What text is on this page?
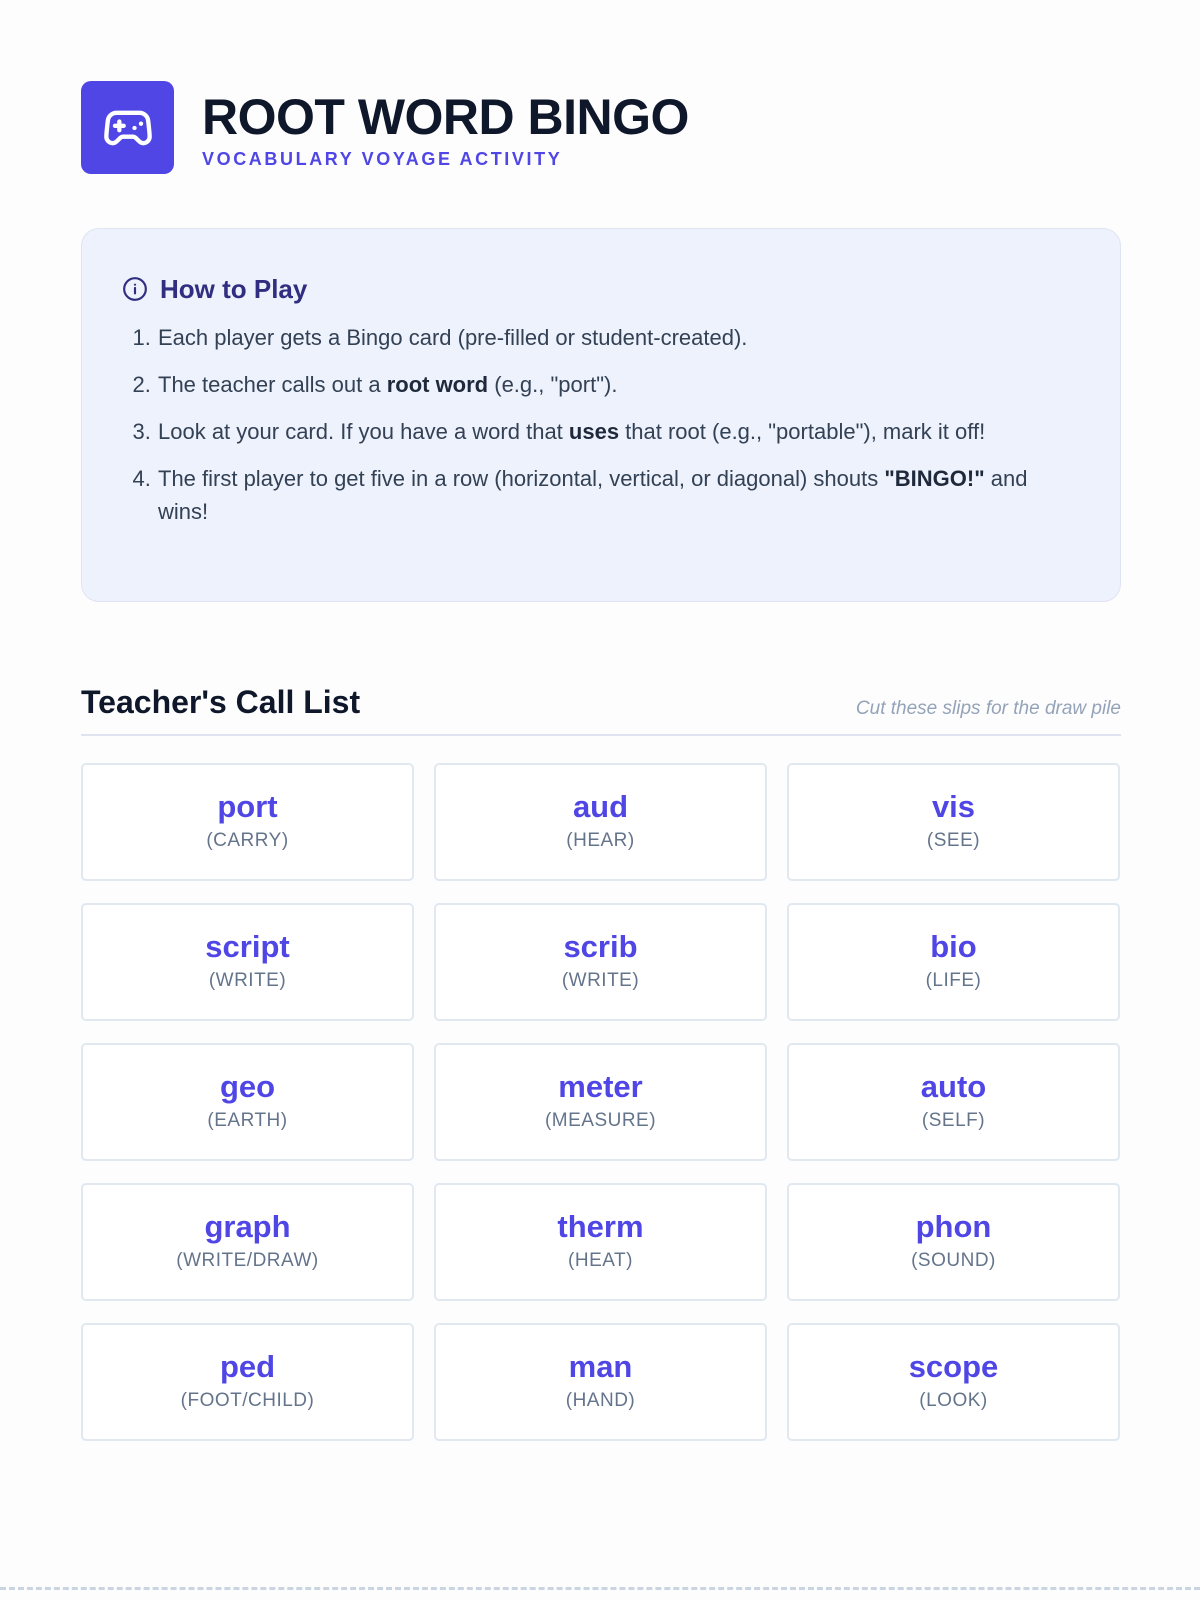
ROOT WORD BINGO
VOCABULARY VOYAGE ACTIVITY
How to Play
1. Each player gets a Bingo card (pre-filled or student-created).
2. The teacher calls out a root word (e.g., "port").
3. Look at your card. If you have a word that uses that root (e.g., "portable"), mark it off!
4. The first player to get five in a row (horizontal, vertical, or diagonal) shouts "BINGO!" and wins!
Teacher's Call List	Cut these slips for the draw pile
port
(CARRY)
aud
(HEAR)
vis
(SEE)
script
(WRITE)
scrib
(WRITE)
bio
(LIFE)
geo
(EARTH)
meter
(MEASURE)
auto
(SELF)
graph
(WRITE/DRAW)
therm
(HEAT)
phon
(SOUND)
ped
(FOOT/CHILD)
man
(HAND)
scope
(LOOK)
